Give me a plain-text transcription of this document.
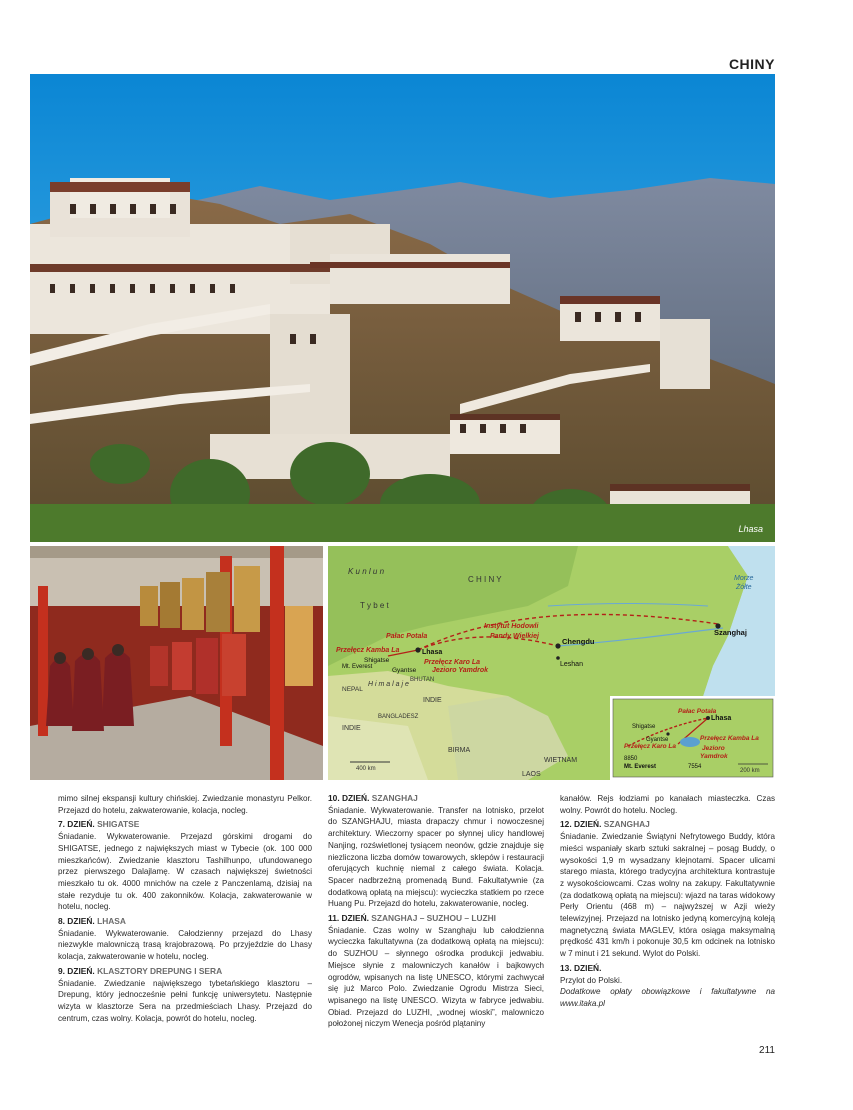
CHINY
Lhasa
K u n l u n
C H I N Y
T y b e t
H i m a l a j e
NEPAL
BHUTAN
BANGLADESZ
INDIE
INDIE
BIRMA
WIETNAM
LAOS
Morze
Żółte
Pałac Potala
Lhasa
Przełęcz Kamba La
Shigatse
Gyantse
Mt. Everest
Przełęcz Karo La
Jezioro Yamdrok
Instytut Hodowli
Pandy Wielkiej
Chengdu
Leshan
Szanghaj
400 km
Pałac Potala
Lhasa
Shigatse
Gyantse	Przełęcz Kamba La
Przełęcz Karo La	Jezioro
Yamdrok
8850
Mt. Everest	7554
200 km

mimo silnej ekspansji kultury chińskiej. Zwiedzanie monastyru Pelkor. Przejazd do hotelu, zakwaterowanie, kolacja, nocleg.

7. DZIEŃ. SHIGATSE

Śniadanie. Wykwaterowanie. Przejazd górskimi drogami do SHIGATSE, jednego z największych miast w Tybecie (ok. 100 000 mieszkańców). Zwiedzanie klasztoru Tashilhunpo, ufundowanego przez pierwszego Dalajlamę. W czasach największej świetności mieszkało tu ok. 4000 mnichów na czele z Panczenlamą, dzisiaj na stałe rezyduje tu ok. 400 zakonników. Kolacja, zakwaterowanie w hotelu, nocleg.

8. DZIEŃ. LHASA

Śniadanie. Wykwaterowanie. Całodzienny przejazd do Lhasy niezwykle malowniczą trasą krajobrazową. Po przyjeździe do Lhasy kolacja, zakwaterowanie w hotelu, nocleg.

9. DZIEŃ. KLASZTORY DREPUNG I SERA

Śniadanie. Zwiedzanie największego tybetańskiego klasztoru – Drepung, który jednocześnie pełni funkcję uniwersytetu. Następnie wizyta w klasztorze Sera na przedmieściach Lhasy. Przejazd do centrum, czas wolny. Kolacja, powrót do hotelu, nocleg.

10. DZIEŃ. SZANGHAJ

Śniadanie. Wykwaterowanie. Transfer na lotnisko, przelot do SZANGHAJU, miasta drapaczy chmur i nowoczesnej architektury. Wieczorny spacer po słynnej ulicy handlowej Nanjing, rozświetlonej tysiącem neonów, gdzie znajduje się niezliczona liczba domów towarowych, sklepów i restauracji oferujących kuchnię niemal z całego świata. Kolacja. Spacer nadbrzeżną promenadą Bund. Fakultatywnie (za dodatkową opłatą na miejscu): wycieczka statkiem po rzece Huang Pu. Przejazd do hotelu, zakwaterowanie, nocleg.

11. DZIEŃ. SZANGHAJ – SUZHOU – LUZHI

Śniadanie. Czas wolny w Szanghaju lub całodzienna wycieczka fakultatywna (za dodatkową opłatą na miejscu): do SUZHOU – słynnego ośrodka produkcji jedwabiu. Miejsce słynie z malowniczych kanałów i bajkowych ogrodów, wpisanych na listę UNESCO, którymi zachwycał się już Marco Polo. Zwiedzanie Ogrodu Mistrza Sieci, wpisanego na listę UNESCO. Wizyta w fabryce jedwabiu. Obiad. Przejazd do LUZHI, „wodnej wioski”, malowniczo położonej niczym Wenecja pośród plątaniny

kanałów. Rejs łodziami po kanałach miasteczka. Czas wolny. Powrót do hotelu. Nocleg.

12. DZIEŃ. SZANGHAJ

Śniadanie. Zwiedzanie Świątyni Nefrytowego Buddy, która mieści wspaniały skarb sztuki sakralnej – posąg Buddy, o wysokości 1,9 m wysadzany klejnotami. Spacer ulicami starego miasta, którego tradycyjna architektura kontrastuje z wysokościowcami. Czas wolny na zakupy. Fakultatywnie (za dodatkową opłatą na miejscu): wjazd na taras widokowy Perły Orientu (468 m) – najwyższej w Azji wieży telewizyjnej. Przejazd na lotnisko jedyną komercyjną koleją magnetyczną świata MAGLEV, która osiąga maksymalną prędkość 431 km/h i pokonuje 30,5 km odcinek na lotnisko w 7 minut i 21 sekund. Wylot do Polski.

13. DZIEŃ.

Przylot do Polski.

Dodatkowe opłaty obowiązkowe i fakultatywne na www.itaka.pl

211
